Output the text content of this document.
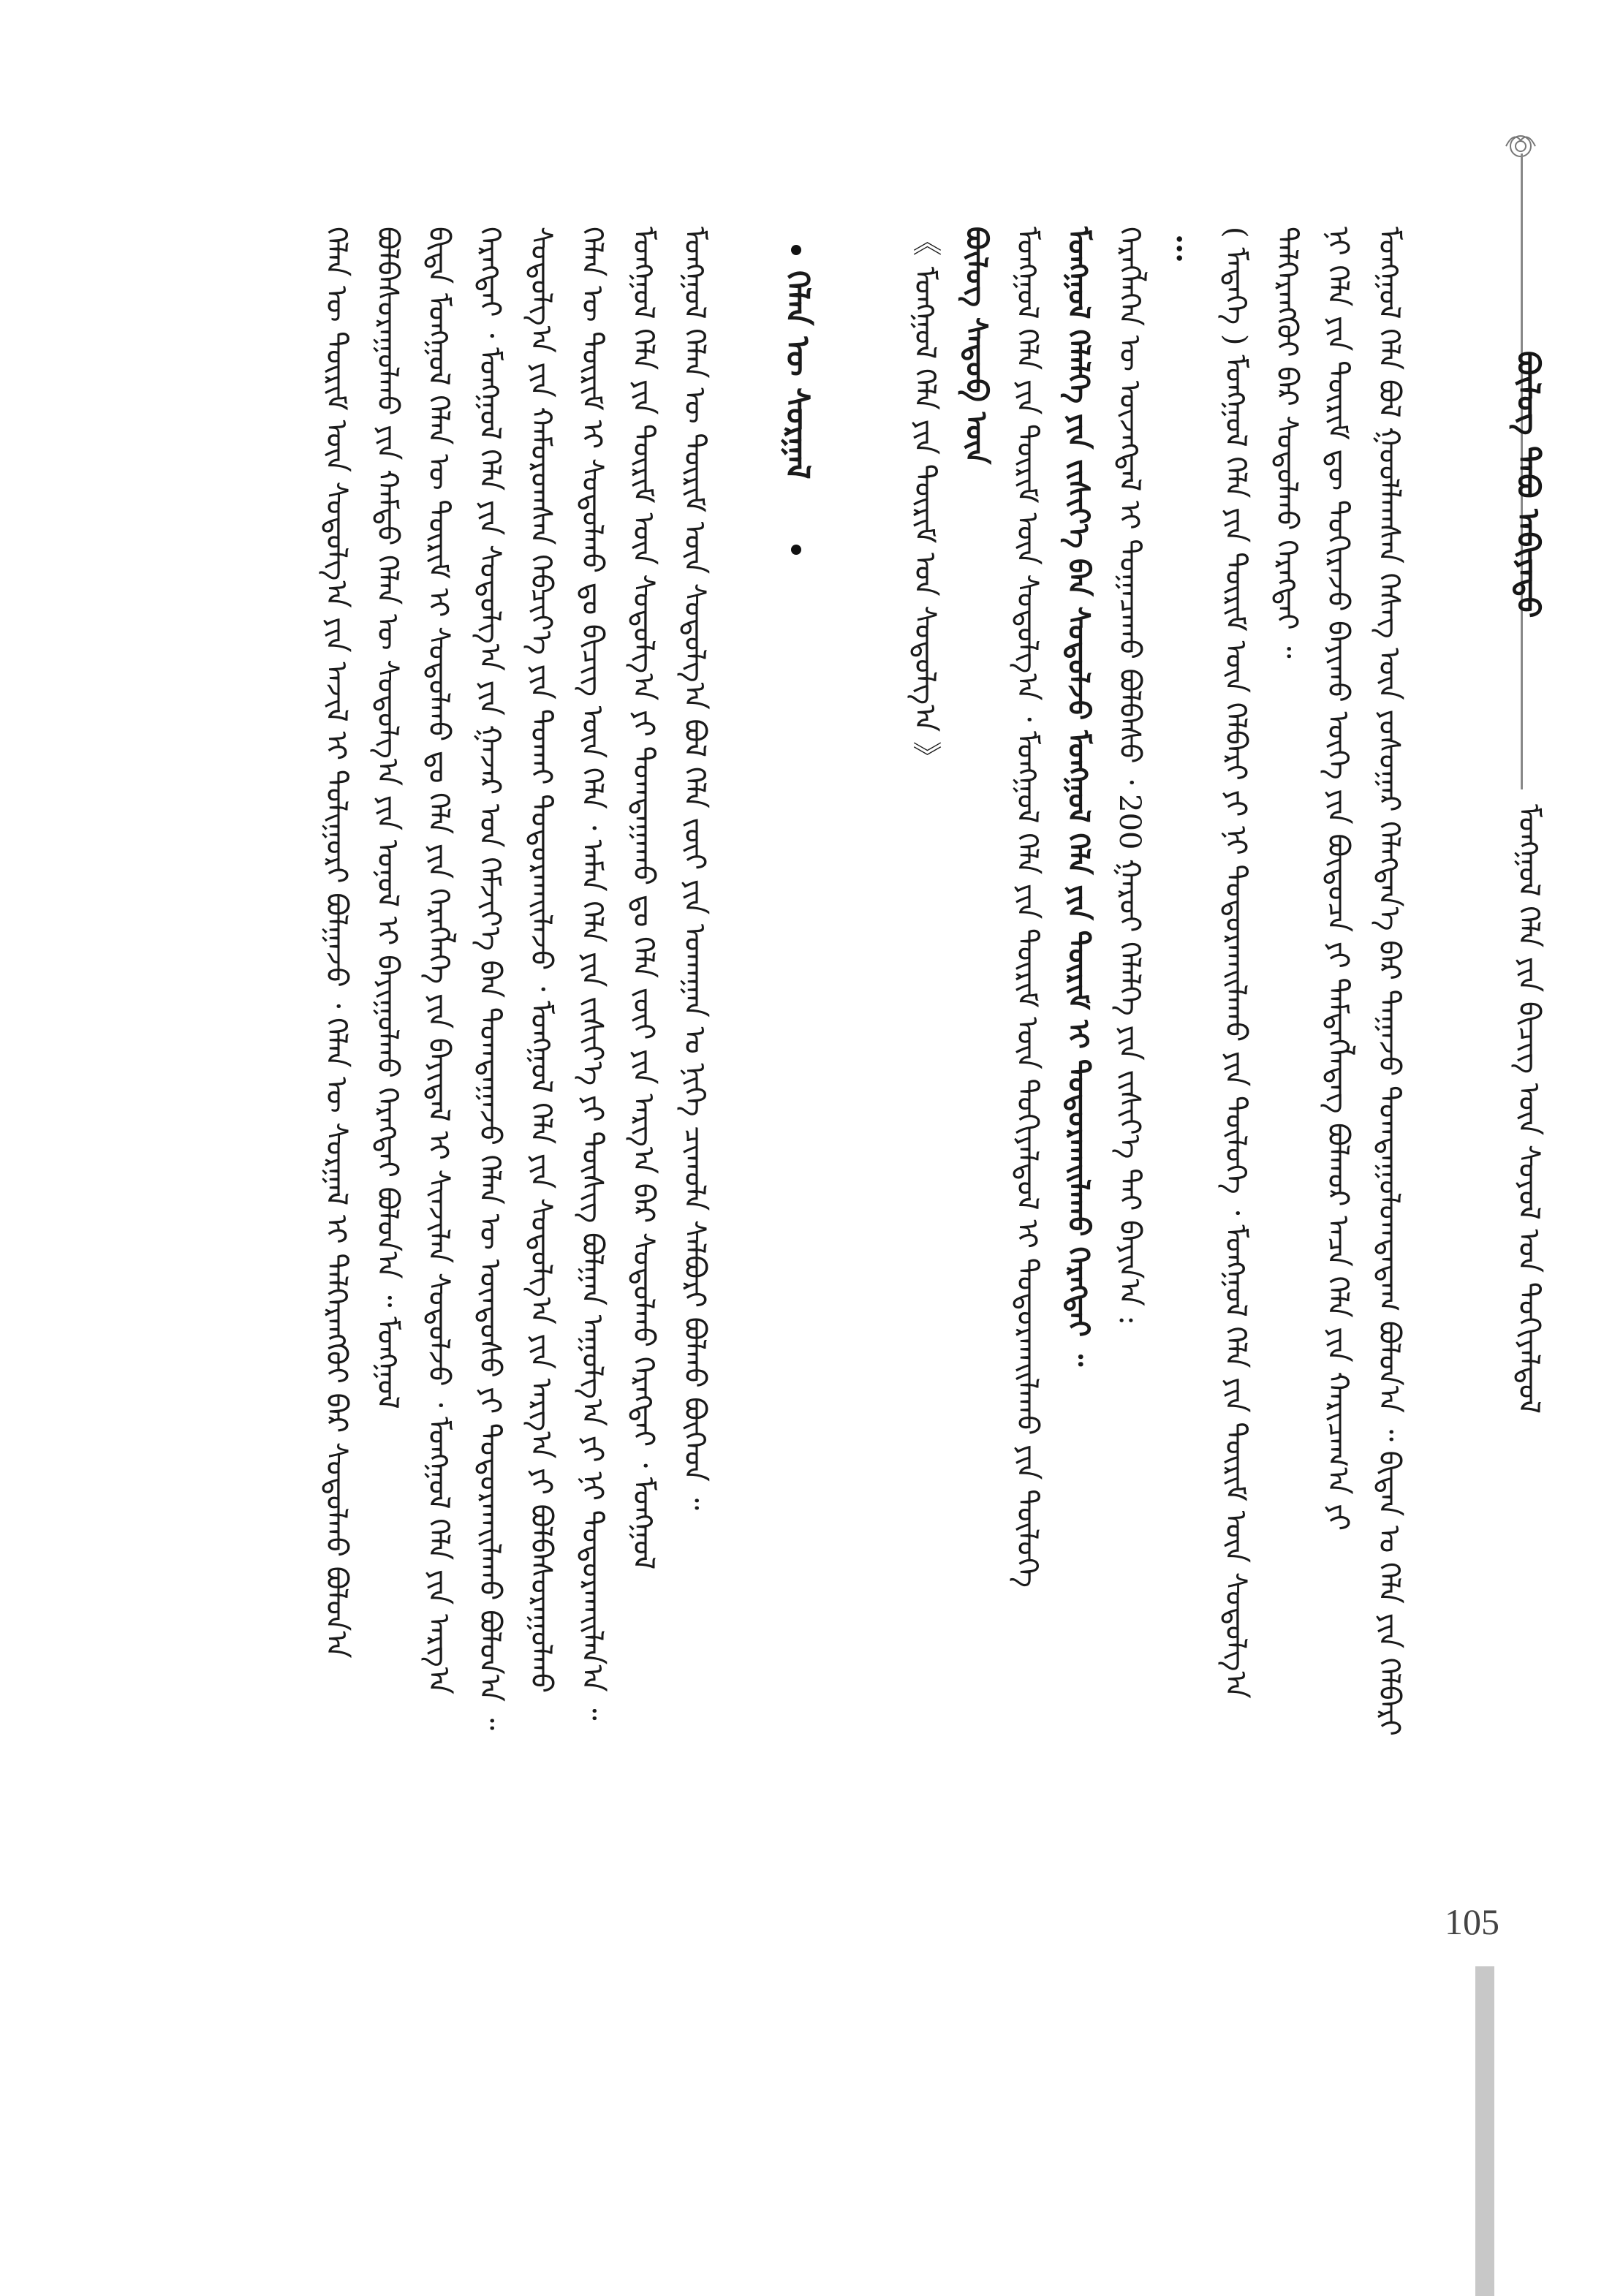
ᠪᠦᠯᠦᠭ ᠲᠠᠪᠤ ᠠᠪᠢᠶᠠᠳᠤ
ᠮᠣᠩᠭᠣᠯ ᠬᠡᠯᠡ ᠶᠢᠨ ᠪᠢᠴᠢᠭ ᠦᠨ ᠰᠣᠶᠣᠯ ᠤᠨ ᠲᠣᠬᠢᠶᠠᠯᠳᠤᠯ
ᠮᠣᠩᠭᠣᠯ ᠬᠡᠯᠡ ᠪᠣᠯ ᠭᠣᠣᠯᠯᠠᠭᠰᠠᠨ ᠬᠡᠰᠡᠭ ᠦᠨ ᠶᠣᠰᠣᠭᠠᠷ ᠬᠡᠯᠡᠭᠳᠡᠨ᠎ᠡ ᠪᠡᠷ ᠳᠠᠭᠠᠵᠤ ᠲᠣᠭᠲᠠᠭᠤᠯᠤᠭᠳᠠᠳᠠᠭ ᠪᠣᠯᠤᠨ᠎ᠠ ᠃ ᠪᠢᠳᠠᠨ ᠤ ᠬᠡᠯᠡ ᠶᠢᠨ ᠬᠡᠯᠪᠡᠷᠢ
ᠨᠢ ᠬᠡᠯᠡ ᠶᠢᠨ ᠳᠦᠷᠢᠮ ᠳᠦ ᠲᠣᠬᠢᠷᠠᠵᠤ ᠪᠠᠶᠢᠬᠤ ᠦᠭᠡ ᠶᠢᠨ ᠪᠦᠲᠦᠴᠡ ᠶᠢ ᠲᠡᠮᠳᠡᠭᠯᠡᠳᠡᠭ ᠪᠣᠯᠬᠣᠷ ᠠᠴᠠ ᠬᠡᠯᠡ ᠶᠢᠨ ᠬᠠᠷᠢᠴᠠᠭ᠎ᠠ ᠶᠢ
ᠳᠡᠯᠭᠡᠷᠡᠩᠭᠦᠢ ᠪᠡᠷ ᠰᠤᠳᠤᠯᠬᠤ ᠬᠡᠷᠡᠭᠲᠡᠢ ᠃
( ᠮᠡᠳᠡᠭᠡ ) ᠮᠣᠩᠭᠣᠯ ᠬᠡᠯᠡ ᠶᠢᠨ ᠳᠦᠷᠢᠮ ᠦᠨ ᠬᠡᠯᠪᠡᠷᠢ ᠶᠢ ᠨᠢ ᠲᠣᠳᠣᠷᠬᠠᠢᠯᠠᠬᠤ ᠶᠢᠨ ᠲᠥᠯᠦᠭᠡ ᠂ ᠮᠣᠩᠭᠣᠯ ᠬᠡᠯᠡ ᠶᠢᠨ ᠳᠦᠷᠢᠮ ᠦᠨ ᠰᠤᠳᠤᠯᠭ᠎ᠠ
…
ᠬᠡᠷᠡᠭᠯᠡᠭᠡᠨ ᠦ ᠦᠵᠡᠭᠳᠡᠯ ᠢ ᠲᠣᠭᠠᠴᠠᠬᠤ ᠪᠣᠯᠪᠠᠰᠤ ᠂ 200 ᠭᠠᠷᠤᠢ ᠬᠡᠯᠡᠯᠭᠡ ᠶᠢᠨ ᠵᠢᠱᠢᠶ᠎ᠡ ᠲᠠᠢ ᠪᠠᠶᠢᠨ᠎ᠠ :
ᠮᠣᠩᠭᠣᠯ ᠬᠡᠯᠡᠯᠭᠡ ᠶᠢᠨ ᠵᠢᠱᠢᠶ᠎ᠡ ᠪᠡᠨ ᠰᠤᠳᠤᠯᠵᠤ ᠮᠣᠩᠭᠣᠯ ᠬᠡᠯᠡ ᠶᠢᠨ ᠳᠦᠷᠢᠮ ᠢ ᠲᠣᠳᠣᠷᠬᠠᠢᠯᠠᠬᠤ ᠬᠡᠷᠡᠭᠲᠡᠢ ᠃
ᠮᠣᠩᠭᠣᠯ ᠬᠡᠯᠡ ᠶᠢᠨ ᠳᠦᠷᠢᠮ ᠦᠨ ᠰᠤᠳᠤᠯᠭ᠎ᠠ ᠂ ᠮᠣᠩᠭᠣᠯ ᠬᠡᠯᠡ ᠶᠢᠨ ᠳᠦᠷᠢᠮ ᠦᠨ ᠲᠣᠬᠢᠶᠠᠯᠳᠤᠯ ᠢ ᠲᠣᠳᠣᠷᠬᠠᠢᠯᠠᠬᠤ ᠶᠢᠨ ᠲᠥᠯᠦᠭᠡ
ᠪᠦᠯᠦᠭ ᠰᠡᠳᠦᠪ ᠦᠨ
《 ᠮᠣᠩᠭᠣᠯ ᠬᠡᠯᠡ ᠶᠢᠨ ᠳᠦᠷᠢᠮ ᠤᠨ ᠰᠤᠳᠤᠯᠭ᠎ᠠ 》
ᠬᠡᠯᠡᠨ ᠦ ᠰᠤᠷᠭᠠᠯ
ᠮᠣᠩᠭᠣᠯ ᠬᠡᠯᠡᠨ ᠦ ᠳᠦᠷᠢᠮ ᠦᠨ ᠰᠤᠳᠤᠯᠭ᠎ᠠ ᠪᠣᠯ ᠬᠡᠯᠡ ᠵᠦᠢ ᠶᠢᠨ ᠤᠬᠠᠭᠠᠨ ᠤ ᠨᠢᠭᠡ ᠴᠢᠬᠤᠯᠠ ᠰᠠᠯᠪᠤᠷᠢ ᠪᠣᠯᠬᠤ ᠪᠥᠭᠡᠳ ᠃
ᠮᠣᠩᠭᠣᠯ ᠬᠡᠯᠡ ᠶᠢᠨ ᠳᠦᠷᠢᠮ ᠦᠨ ᠰᠤᠳᠤᠯᠭ᠎ᠠ ᠶᠢ ᠲᠣᠭᠲᠠᠭᠠᠬᠤ ᠳᠤ ᠬᠡᠯᠡ ᠵᠦᠢ ᠶᠢᠨ ᠠᠷᠭ᠎ᠠ ᠪᠠᠷ ᠰᠤᠳᠤᠯᠬᠤ ᠬᠡᠷᠡᠭᠲᠡᠢ ᠂ ᠮᠣᠩᠭᠣᠯ
ᠬᠡᠯᠡᠨ ᠦ ᠳᠦᠷᠢᠮ ᠢ ᠰᠤᠳᠤᠯᠬᠤ ᠳᠤ ᠪᠢᠴᠢᠭ ᠦᠨ ᠬᠡᠯᠡ ᠂ ᠠᠮᠠᠨ ᠬᠡᠯᠡ ᠶᠢᠨ ᠵᠢᠱᠢᠶ᠎ᠡ ᠶᠢ ᠲᠦᠰᠢᠭ ᠪᠣᠯᠭᠠᠨ ᠠᠭᠤᠯᠭ᠎ᠠ ᠶᠢ ᠨᠢ ᠲᠣᠳᠣᠷᠬᠠᠢᠯᠠᠨ᠎ᠠ ᠃
ᠰᠤᠳᠤᠯᠭ᠎ᠠ ᠶᠢᠨ ᠬᠠᠮᠤᠷᠤᠭᠰᠠᠨ ᠬᠡᠪᠴᠢᠶ᠎ᠡ ᠶᠢᠨ ᠲᠤᠬᠠᠢ ᠲᠣᠳᠣᠷᠬᠠᠢᠯᠠᠵᠤ ᠂ ᠮᠣᠩᠭᠣᠯ ᠬᠡᠯᠡ ᠶᠢᠨ ᠰᠤᠳᠤᠯᠭ᠎ᠠ ᠶᠢᠨ ᠠᠷᠭ᠎ᠠ ᠶᠢ ᠪᠣᠯᠪᠠᠰᠤᠷᠠᠭᠤᠯᠬᠤ
ᠬᠡᠷᠡᠭᠲᠡᠢ ᠂ ᠮᠣᠩᠭᠣᠯ ᠬᠡᠯᠡ ᠶᠢᠨ ᠰᠤᠳᠤᠯᠭ᠎ᠠ ᠶᠢᠨ ᠭᠠᠵᠠᠷ ᠤᠨ ᠬᠡᠮᠵᠢᠶ᠎ᠡ ᠪᠡᠨ ᠲᠣᠭᠲᠠᠭᠠᠵᠤ ᠬᠡᠯᠡᠨ ᠦ ᠦᠨᠳᠦᠰᠦ ᠶᠢ ᠲᠣᠳᠣᠷᠬᠠᠢᠯᠠᠬᠤ ᠪᠣᠯᠤᠨ᠎ᠠ ᠃
ᠪᠢᠳᠡ ᠮᠣᠩᠭᠣᠯ ᠬᠡᠯᠡᠨ ᠦ ᠳᠦᠷᠢᠮ ᠢ ᠰᠤᠳᠤᠯᠬᠤ ᠳᠤ ᠬᠡᠯᠡ ᠶᠢᠨ ᠬᠡᠷᠡᠭᠯᠡᠭᠡ ᠶᠢᠨ ᠪᠠᠶᠢᠳᠠᠯ ᠢ ᠰᠢᠨᠵᠢᠯᠡᠨ ᠰᠤᠳᠤᠯᠵᠤ ᠂ ᠮᠣᠩᠭᠣᠯ ᠬᠡᠯᠡ ᠶᠢᠨ ᠠᠷᠭ᠎ᠠ
ᠪᠣᠯᠪᠠᠰᠤᠷᠠᠭᠤᠯᠬᠤ ᠶᠢᠨ ᠬᠠᠮᠲᠤ ᠬᠡᠯᠡᠨ ᠦ ᠰᠤᠳᠤᠯᠭ᠎ᠠ ᠶᠢᠨ ᠣᠨᠣᠯ ᠢ ᠪᠠᠶᠢᠭᠤᠯᠬᠤ ᠬᠡᠷᠡᠭᠲᠡᠢ ᠪᠣᠯᠤᠨ᠎ᠠ ᠃ ᠮᠣᠩᠭᠣᠯ
ᠬᠡᠯᠡᠨ ᠦ ᠳᠦᠷᠢᠮ ᠦᠨ ᠰᠤᠳᠤᠯᠭ᠎ᠠ ᠶᠢᠨ ᠠᠵᠢᠯ ᠢ ᠲᠤᠯᠢᠭᠤᠷᠢ ᠪᠣᠯᠭᠠᠵᠤ ᠂ ᠬᠡᠯᠡᠨ ᠦ ᠰᠤᠷᠭᠠᠯ ᠢ ᠳᠡᠯᠭᠡᠷᠡᠩᠭᠦᠢ ᠪᠡᠷ ᠰᠤᠳᠤᠯᠬᠤ ᠪᠣᠯᠤᠨ᠎ᠠ
105
